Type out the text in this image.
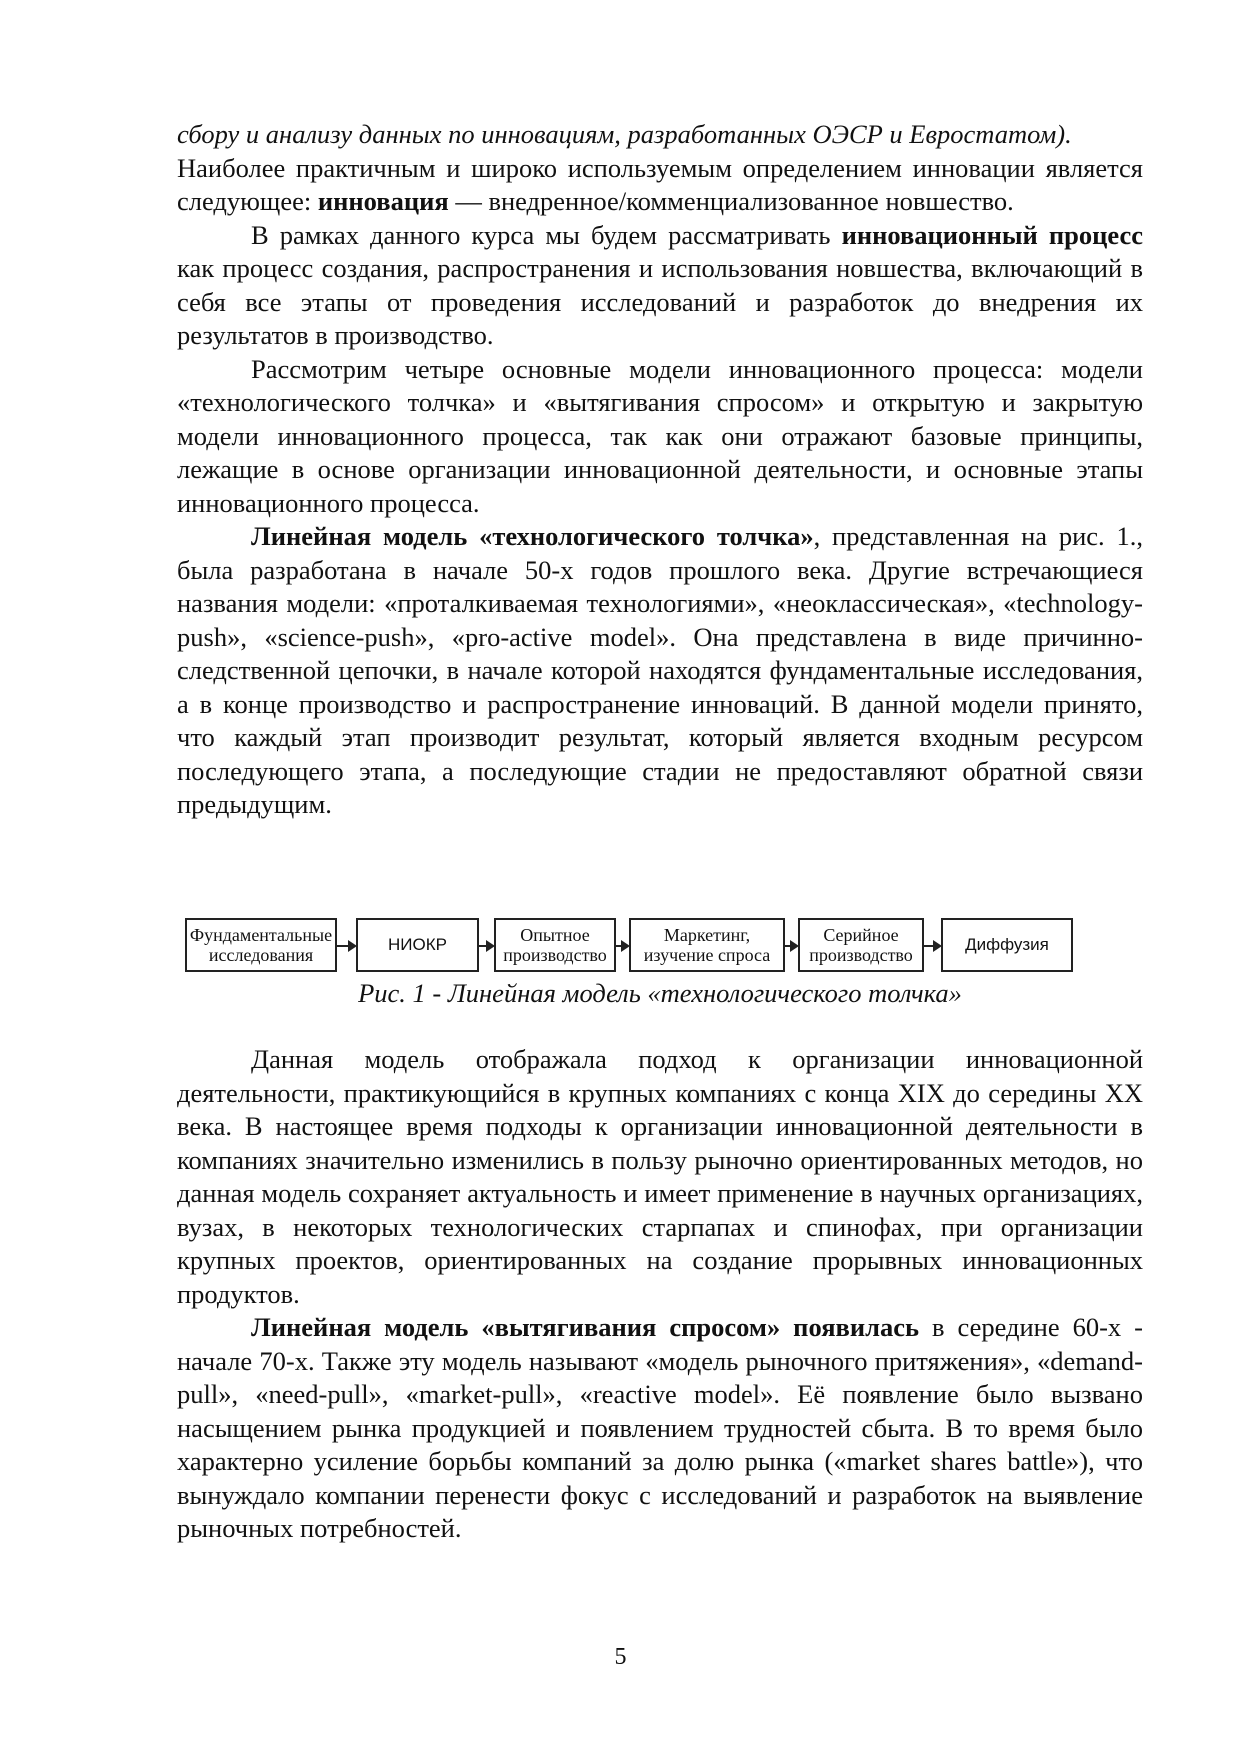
сбору и анализу данных по инновациям, разработанных ОЭСР и Евростатом).

Наиболее практичным и широко используемым определением инновации является следующее: инновация — внедренное/комменциализованное новшество.

В рамках данного курса мы будем рассматривать инновационный процесс как процесс создания, распространения и использования новшества, включающий в себя все этапы от проведения исследований и разработок до внедрения их результатов в производство.

Рассмотрим четыре основные модели инновационного процесса: модели «технологического толчка» и «вытягивания спросом» и открытую и закрытую модели инновационного процесса, так как они отражают базовые принципы, лежащие в основе организации инновационной деятельности, и основные этапы инновационного процесса.

Линейная модель «технологического толчка», представленная на рис. 1., была разработана в начале 50-х годов прошлого века. Другие встречающиеся названия модели: «проталкиваемая технологиями», «неоклассическая», «technology-push», «science-push», «pro-active model». Она представлена в виде причинно-следственной цепочки, в начале которой находятся фундаментальные исследования, а в конце производство и распространение инноваций. В данной модели принято, что каждый этап производит результат, который является входным ресурсом последующего этапа, а последующие стадии не предоставляют обратной связи предыдущим.

Фундаментальные
исследования
НИОКР	Опытное
производство
Маркетинг,
изучение спроса
Серийное
производство
Диффузия
Рис. 1 - Линейная модель «технологического толчка»

Данная модель отображала подход к организации инновационной деятельности, практикующийся в крупных компаниях с конца XIX до середины XX века. В настоящее время подходы к организации инновационной деятельности в компаниях значительно изменились в пользу рыночно ориентированных методов, но данная модель сохраняет актуальность и имеет применение в научных организациях, вузах, в некоторых технологических старпапах и спинофах, при организации крупных проектов, ориентированных на создание прорывных инновационных продуктов.

Линейная модель «вытягивания спросом» появилась в середине 60-х - начале 70-х. Также эту модель называют «модель рыночного притяжения», «demand-pull», «need-pull», «market-pull», «reactive model». Её появление было вызвано насыщением рынка продукцией и появлением трудностей сбыта. В то время было характерно усиление борьбы компаний за долю рынка («market shares battle»), что вынуждало компании перенести фокус с исследований и разработок на выявление рыночных потребностей.

5
